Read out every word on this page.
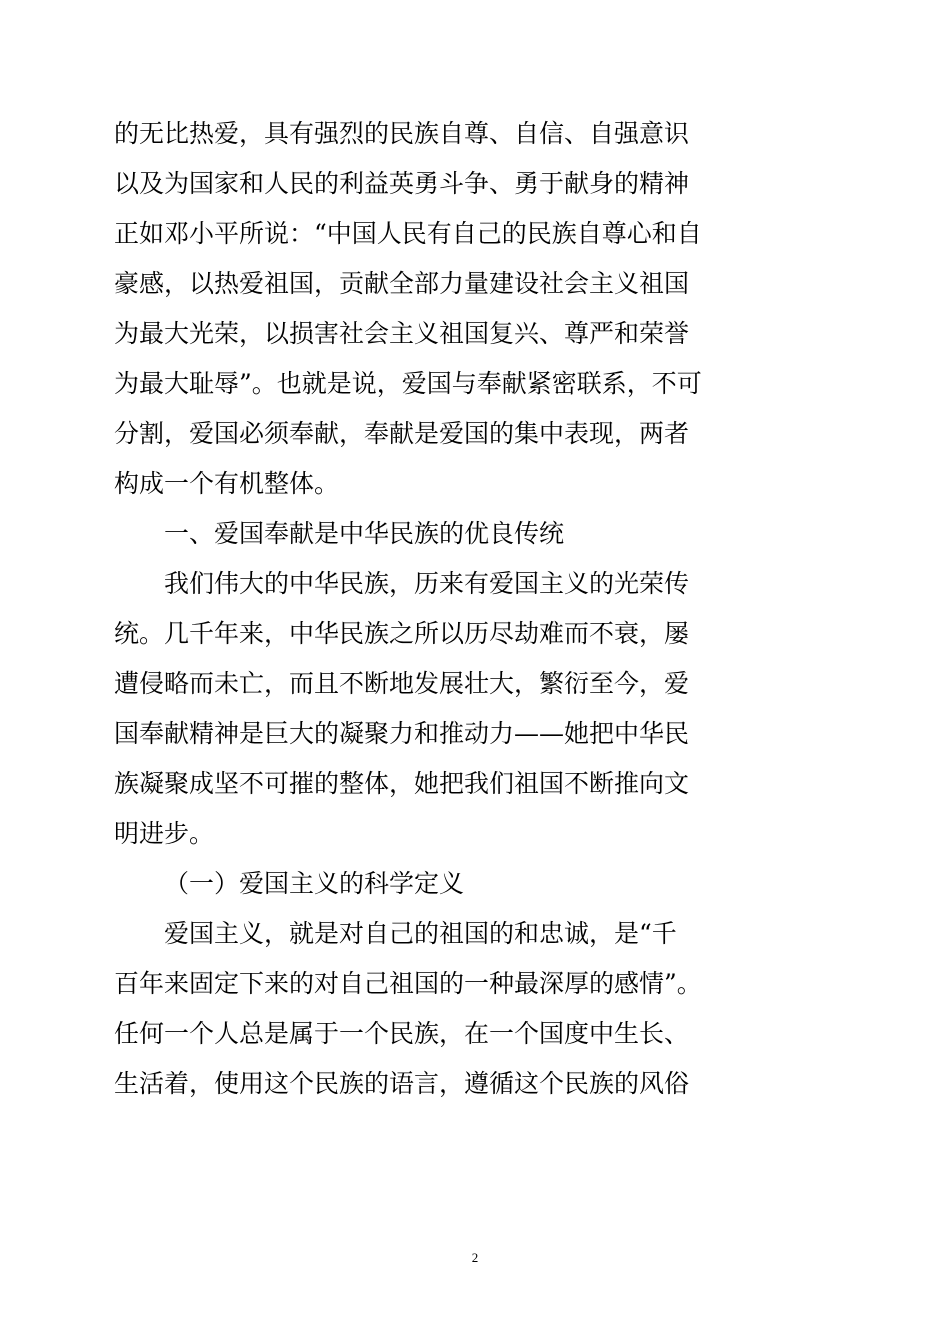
的无比热爱，具有强烈的民族自尊、自信、自强意识
以及为国家和人民的利益英勇斗争、勇于献身的精神
正如邓小平所说：“中国人民有自己的民族自尊心和自
豪感，以热爱祖国，贡献全部力量建设社会主义祖国
为最大光荣，以损害社会主义祖国复兴、尊严和荣誉
为最大耻辱”。也就是说，爱国与奉献紧密联系，不可
分割，爱国必须奉献，奉献是爱国的集中表现，两者
构成一个有机整体。
一、爱国奉献是中华民族的优良传统
我们伟大的中华民族，历来有爱国主义的光荣传
统。几千年来，中华民族之所以历尽劫难而不衰，屡
遭侵略而未亡，而且不断地发展壮大，繁衍至今，爱
国奉献精神是巨大的凝聚力和推动力——她把中华民
族凝聚成坚不可摧的整体，她把我们祖国不断推向文
明进步。
（一）爱国主义的科学定义
爱国主义，就是对自己的祖国的和忠诚，是“千
百年来固定下来的对自己祖国的一种最深厚的感情”。
任何一个人总是属于一个民族，在一个国度中生长、
生活着，使用这个民族的语言，遵循这个民族的风俗
2
